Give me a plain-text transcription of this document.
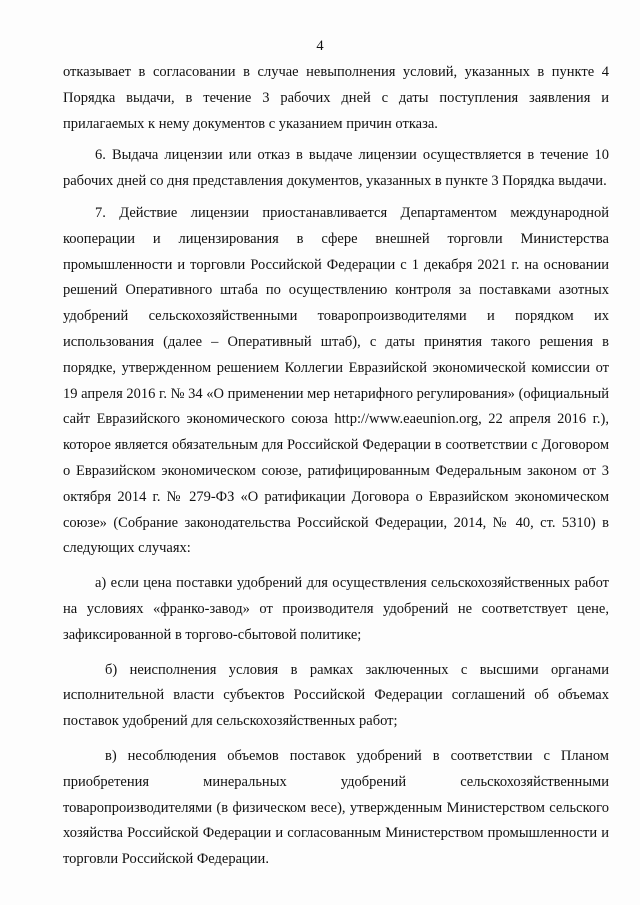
4

отказывает в согласовании в случае невыполнения условий, указанных в пункте 4 Порядка выдачи, в течение 3 рабочих дней с даты поступления заявления и прилагаемых к нему документов с указанием причин отказа.

6. Выдача лицензии или отказ в выдаче лицензии осуществляется в течение 10 рабочих дней со дня представления документов, указанных в пункте 3 Порядка выдачи.

7. Действие лицензии приостанавливается Департаментом международной кооперации и лицензирования в сфере внешней торговли Министерства промышленности и торговли Российской Федерации с 1 декабря 2021 г. на основании решений Оперативного штаба по осуществлению контроля за поставками азотных удобрений сельскохозяйственными товаропроизводителями и порядком их использования (далее – Оперативный штаб), с даты принятия такого решения в порядке, утвержденном решением Коллегии Евразийской экономической комиссии от 19 апреля 2016 г. № 34 «О применении мер нетарифного регулирования» (официальный сайт Евразийского экономического союза http://www.eaeunion.org, 22 апреля 2016 г.), которое является обязательным для Российской Федерации в соответствии с Договором о Евразийском экономическом союзе, ратифицированным Федеральным законом от 3 октября 2014 г. № 279-ФЗ «О ратификации Договора о Евразийском экономическом союзе» (Собрание законодательства Российской Федерации, 2014, № 40, ст. 5310) в следующих случаях:

а) если цена поставки удобрений для осуществления сельскохозяйственных работ на условиях «франко-завод» от производителя удобрений не соответствует цене, зафиксированной в торгово-сбытовой политике;

б) неисполнения условия в рамках заключенных с высшими органами исполнительной власти субъектов Российской Федерации соглашений об объемах поставок удобрений для сельскохозяйственных работ;

в) несоблюдения объемов поставок удобрений в соответствии с Планом приобретения минеральных удобрений сельскохозяйственными товаропроизводителями (в физическом весе), утвержденным Министерством сельского хозяйства Российской Федерации и согласованным Министерством промышленности и торговли Российской Федерации.
